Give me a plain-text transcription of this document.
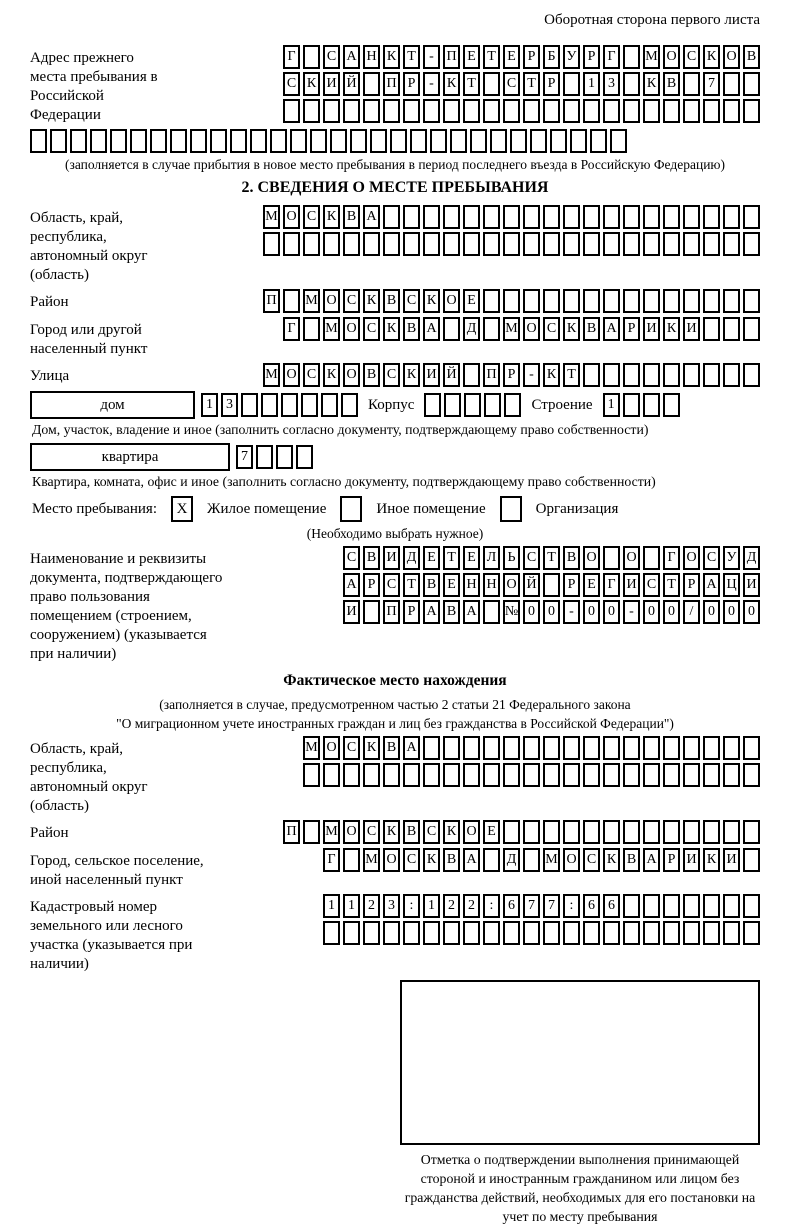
Оборотная сторона первого листа
Адрес прежнего места пребывания в Российской Федерации
Г	С А Н К Т - П Е Т Е Р Б У Р Г	М О С К О В
С К И Й П Р - К Т	С Т Р	1 3	К В	7
(заполняется в случае прибытия в новое место пребывания в период последнего въезда в Российскую Федерацию)
2. СВЕДЕНИЯ О МЕСТЕ ПРЕБЫВАНИЯ
Область, край, республика, автономный округ (область)
М О С К В А
Район	П М О С К В С К О Е
Город или другой населенный пункт
Г	М О С К В А Д М О С К В А Р И К И
Улица	М О С К О В С К И Й П Р - К Т
дом	1 3	Корпус	Строение	1
Дом, участок, владение и иное (заполнить согласно документу, подтверждающему право собственности)
квартира	7
Квартира, комната, офис и иное (заполнить согласно документу, подтверждающему право собственности)
Место пребывания:	X	Жилое помещение	Иное помещение	Организация
(Необходимо выбрать нужное)
Наименование и реквизиты документа, подтверждающего право пользования помещением (строением, сооружением) (указывается при наличии)
С В И Д Е Т Е Л Ь С Т В О О	Г О С У Д
А Р С Т В Е Н Н О Й	Р Е Г И С Т Р А Ц И
И П Р А В А № 0 0	-	0 0	-	0 0	/	0 0 0
Фактическое место нахождения
(заполняется в случае, предусмотренном частью 2 статьи 21 Федерального закона
"О миграционном учете иностранных граждан и лиц без гражданства в Российской Федерации")
Область, край, республика, автономный округ (область)
М О С К В А
Район	П М О С К В С К О Е
Город, сельское поселение, иной населенный пункт
Г	М О С К В А Д М О С К В А Р И К И
Кадастровый номер земельного или лесного участка (указывается при наличии)
1 1 2 3	:	1 2 2	:	6 7 7	:	6 6
Отметка о подтверждении выполнения принимающей стороной и иностранным гражданином или лицом без гражданства действий, необходимых для его постановки на учет по месту пребывания
